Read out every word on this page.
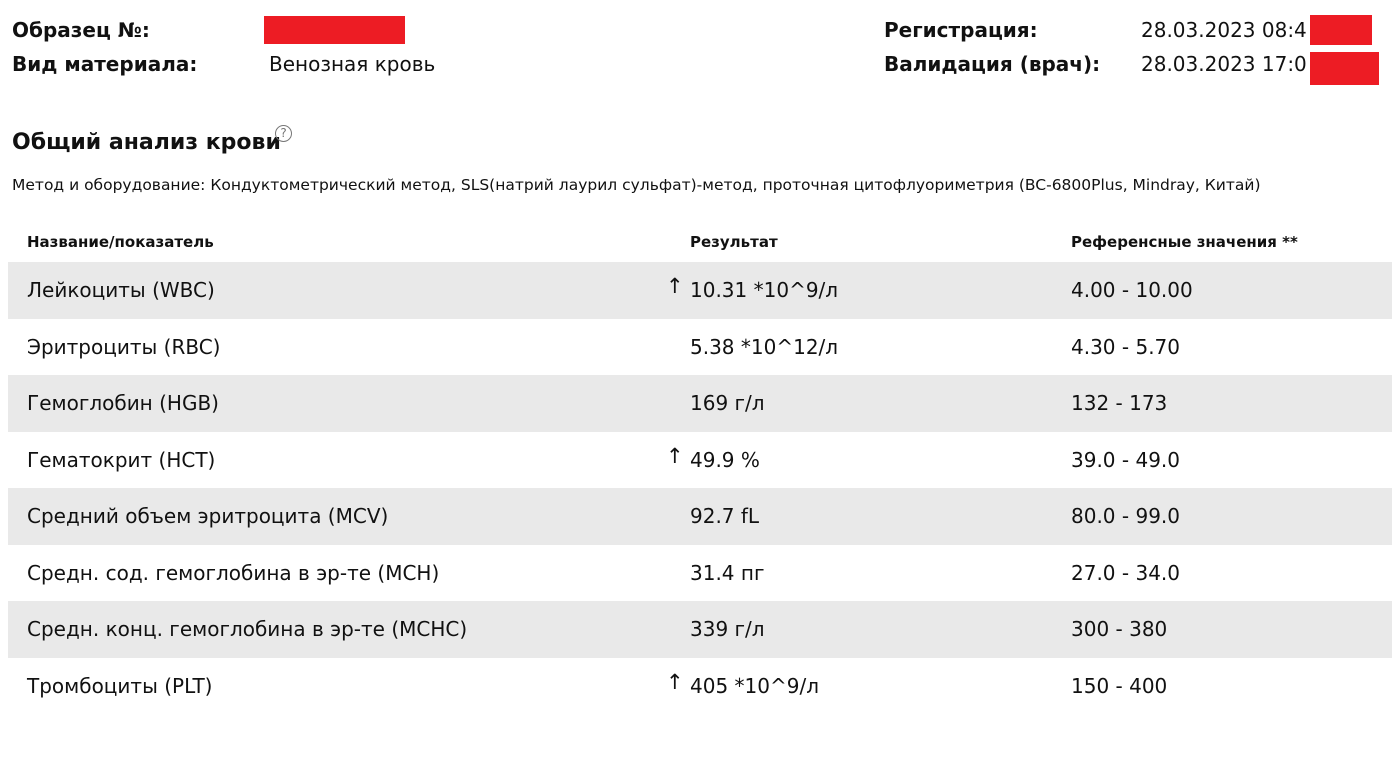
Образец №:
Вид материала:	Венозная кровь
Регистрация:	28.03.2023 08:4
Валидация (врач): 28.03.2023 17:0
Общий анализ крови ?
Метод и оборудование: Кондуктометрический метод, SLS(натрий лаурил сульфат)-метод, проточная цитофлуориметрия (BC-6800Plus, Mindray, Китай)
Название/показатель	Результат	Референсные значения **
Лейкоциты (WBC)	↑ 10.31 *10^9/л	4.00 - 10.00
Эритроциты (RBC)	5.38 *10^12/л	4.30 - 5.70
Гемоглобин (HGB)	169 г/л	132 - 173
Гематокрит (HCT)	↑ 49.9 %	39.0 - 49.0
Средний объем эритроцита (MCV)	92.7 fL	80.0 - 99.0
Средн. сод. гемоглобина в эр-те (MCH)	31.4 пг	27.0 - 34.0
Средн. конц. гемоглобина в эр-те (MCHC)	339 г/л	300 - 380
Тромбоциты (PLT)	↑ 405 *10^9/л	150 - 400
